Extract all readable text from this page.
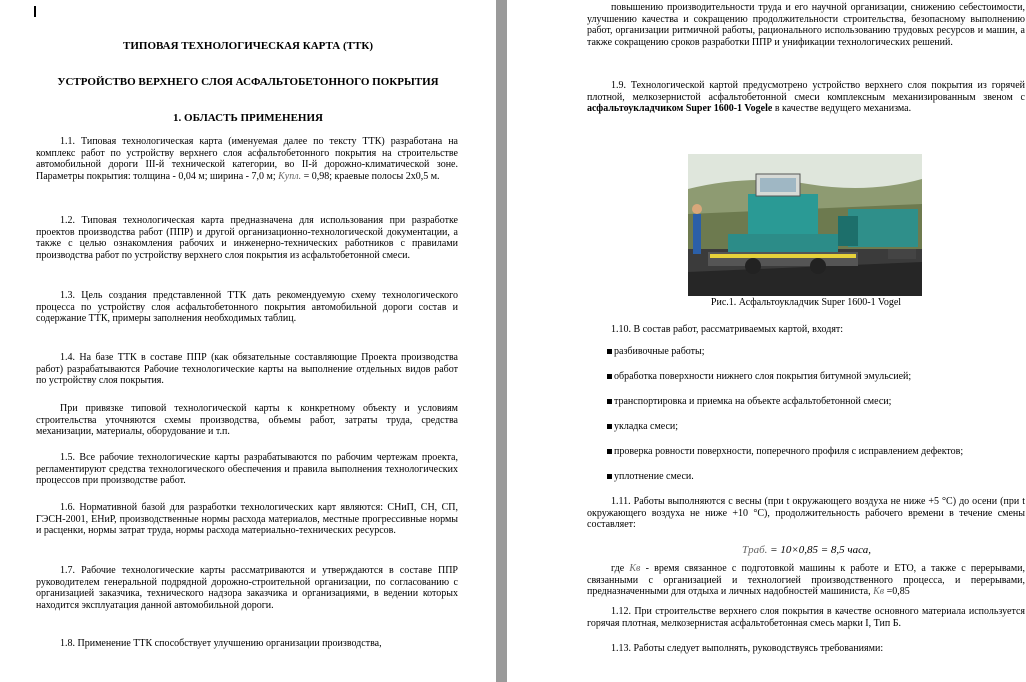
ТИПОВАЯ ТЕХНОЛОГИЧЕСКАЯ КАРТА (ТТК)
УСТРОЙСТВО ВЕРХНЕГО СЛОЯ АСФАЛЬТОБЕТОННОГО ПОКРЫТИЯ
1. ОБЛАСТЬ ПРИМЕНЕНИЯ

1.1. Типовая технологическая карта (именуемая далее по тексту ТТК) разработана на комплекс работ по устройству верхнего слоя асфальтобетонного покрытия на строительстве автомобильной дороги III-й технической категории, во II-й дорожно-климатической зоне. Параметры покрытия: толщина - 0,04 м; ширина - 7,0 м; Kупл. = 0,98; краевые полосы 2х0,5 м.

1.2. Типовая технологическая карта предназначена для использования при разработке проектов производства работ (ППР) и другой организационно-технологической документации, а также с целью ознакомления рабочих и инженерно-технических работников с правилами производства работ по устройству верхнего слоя покрытия из асфальтобетонной смеси.

1.3. Цель создания представленной ТТК дать рекомендуемую схему технологического процесса по устройству слоя асфальтобетонного покрытия автомобильной дороги состав и содержание ТТК, примеры заполнения необходимых таблиц.

1.4. На базе ТТК в составе ППР (как обязательные составляющие Проекта производства работ) разрабатываются Рабочие технологические карты на выполнение отдельных видов работ по устройству слоя покрытия.

При привязке типовой технологической карты к конкретному объекту и условиям строительства уточняются схемы производства, объемы работ, затраты труда, средства механизации, материалы, оборудование и т.п.

1.5. Все рабочие технологические карты разрабатываются по рабочим чертежам проекта, регламентируют средства технологического обеспечения и правила выполнения технологических процессов при производстве работ.

1.6. Нормативной базой для разработки технологических карт являются: СНиП, СН, СП, ГЭСН-2001, ЕНиР, производственные нормы расхода материалов, местные прогрессивные нормы и расценки, нормы затрат труда, нормы расхода материально-технических ресурсов.

1.7. Рабочие технологические карты рассматриваются и утверждаются в составе ППР руководителем генеральной подрядной дорожно-строительной организации, по согласованию с организацией заказчика, технического надзора заказчика и организациями, в ведении которых находится эксплуатация данной автомобильной дороги.

1.8. Применение ТТК способствует улучшению организации производства,

повышению производительности труда и его научной организации, снижению себестоимости, улучшению качества и сокращению продолжительности строительства, безопасному выполнению работ, организации ритмичной работы, рационального использованию трудовых ресурсов и машин, а также сокращению сроков разработки ППР и унификации технологических решений.

1.9. Технологической картой предусмотрено устройство верхнего слоя покрытия из горячей плотной, мелкозернистой асфальтобетонной смеси комплексным механизированным звеном с асфальтоукладчиком Super 1600-1 Vogele в качестве ведущего механизма.

Рис.1. Асфальтоукладчик Super 1600-1 Vogel

1.10. В состав работ, рассматриваемых картой, входят:

разбивочные работы;
обработка поверхности нижнего слоя покрытия битумной эмульсией;
транспортировка и приемка на объекте асфальтобетонной смеси;
укладка смеси;
проверка ровности поверхности, поперечного профиля с исправлением дефектов;
уплотнение смеси.

1.11. Работы выполняются с весны (при t окружающего воздуха не ниже +5 °С) до осени (при t окружающего воздуха не ниже +10 °С), продолжительность рабочего времени в течение смены составляет:

Tраб. = 10×0,85 = 8,5 часа,

где Kв - время связанное с подготовкой машины к работе и ЕТО, а также с перерывами, связанными с организацией и технологией производственного процесса, и перерывами, предназначенными для отдыха и личных надобностей машиниста, Kв =0,85

1.12. При строительстве верхнего слоя покрытия в качестве основного материала используется горячая плотная, мелкозернистая асфальтобетонная смесь марки I, Тип Б.

1.13. Работы следует выполнять, руководствуясь требованиями:
